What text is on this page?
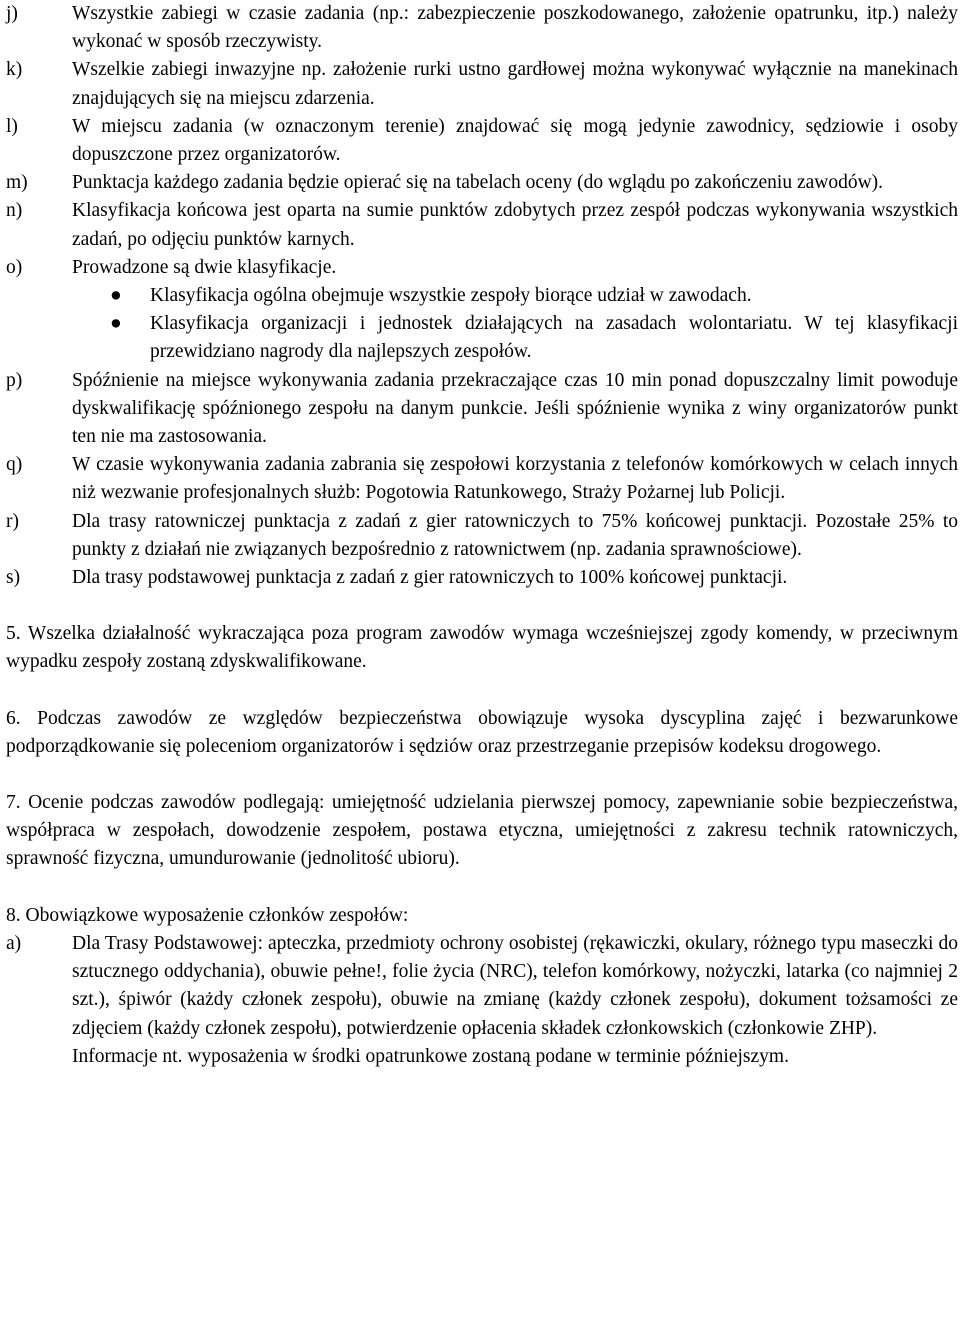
j)	Wszystkie zabiegi w czasie zadania (np.: zabezpieczenie poszkodowanego, założenie opatrunku, itp.) należy wykonać w sposób rzeczywisty.
k)	Wszelkie zabiegi inwazyjne np. założenie rurki ustno gardłowej można wykonywać wyłącznie na manekinach znajdujących się na miejscu zdarzenia.
l)	W miejscu zadania (w oznaczonym terenie) znajdować się mogą jedynie zawodnicy, sędziowie i osoby dopuszczone przez organizatorów.
m)	Punktacja każdego zadania będzie opierać się na tabelach oceny (do wglądu po zakończeniu zawodów).
n)	Klasyfikacja końcowa jest oparta na sumie punktów zdobytych przez zespół podczas wykonywania wszystkich zadań, po odjęciu punktów karnych.
o)	Prowadzone są dwie klasyfikacje.
●	Klasyfikacja ogólna obejmuje wszystkie zespoły biorące udział w zawodach.
●	Klasyfikacja organizacji i jednostek działających na zasadach wolontariatu. W tej klasyfikacji przewidziano nagrody dla najlepszych zespołów.
p)	Spóźnienie na miejsce wykonywania zadania przekraczające czas 10 min ponad dopuszczalny limit powoduje dyskwalifikację spóźnionego zespołu na danym punkcie. Jeśli spóźnienie wynika z winy organizatorów punkt ten nie ma zastosowania.
q)	W czasie wykonywania zadania zabrania się zespołowi korzystania z telefonów komórkowych w celach innych niż wezwanie profesjonalnych służb: Pogotowia Ratunkowego, Straży Pożarnej lub Policji.
r)	Dla trasy ratowniczej punktacja z zadań z gier ratowniczych to 75% końcowej punktacji. Pozostałe 25% to punkty z działań nie związanych bezpośrednio z ratownictwem (np. zadania sprawnościowe).
s)	Dla trasy podstawowej punktacja z zadań z gier ratowniczych to 100% końcowej punktacji.
5. Wszelka działalność wykraczająca poza program zawodów wymaga wcześniejszej zgody komendy, w przeciwnym wypadku zespoły zostaną zdyskwalifikowane.
6. Podczas zawodów ze względów bezpieczeństwa obowiązuje wysoka dyscyplina zajęć i bezwarunkowe podporządkowanie się poleceniom organizatorów i sędziów oraz przestrzeganie przepisów kodeksu drogowego.
7. Ocenie podczas zawodów podlegają: umiejętność udzielania pierwszej pomocy, zapewnianie sobie bezpieczeństwa, współpraca w zespołach, dowodzenie zespołem, postawa etyczna, umiejętności z zakresu technik ratowniczych, sprawność fizyczna, umundurowanie (jednolitość ubioru).
8. Obowiązkowe wyposażenie członków zespołów:
a)	Dla Trasy Podstawowej: apteczka, przedmioty ochrony osobistej (rękawiczki, okulary, różnego typu maseczki do sztucznego oddychania), obuwie pełne!, folie życia (NRC), telefon komórkowy, nożyczki, latarka (co najmniej 2 szt.), śpiwór (każdy członek zespołu), obuwie na zmianę (każdy członek zespołu), dokument tożsamości ze zdjęciem (każdy członek zespołu), potwierdzenie opłacenia składek członkowskich (członkowie ZHP).
Informacje nt. wyposażenia w środki opatrunkowe zostaną podane w terminie późniejszym.
